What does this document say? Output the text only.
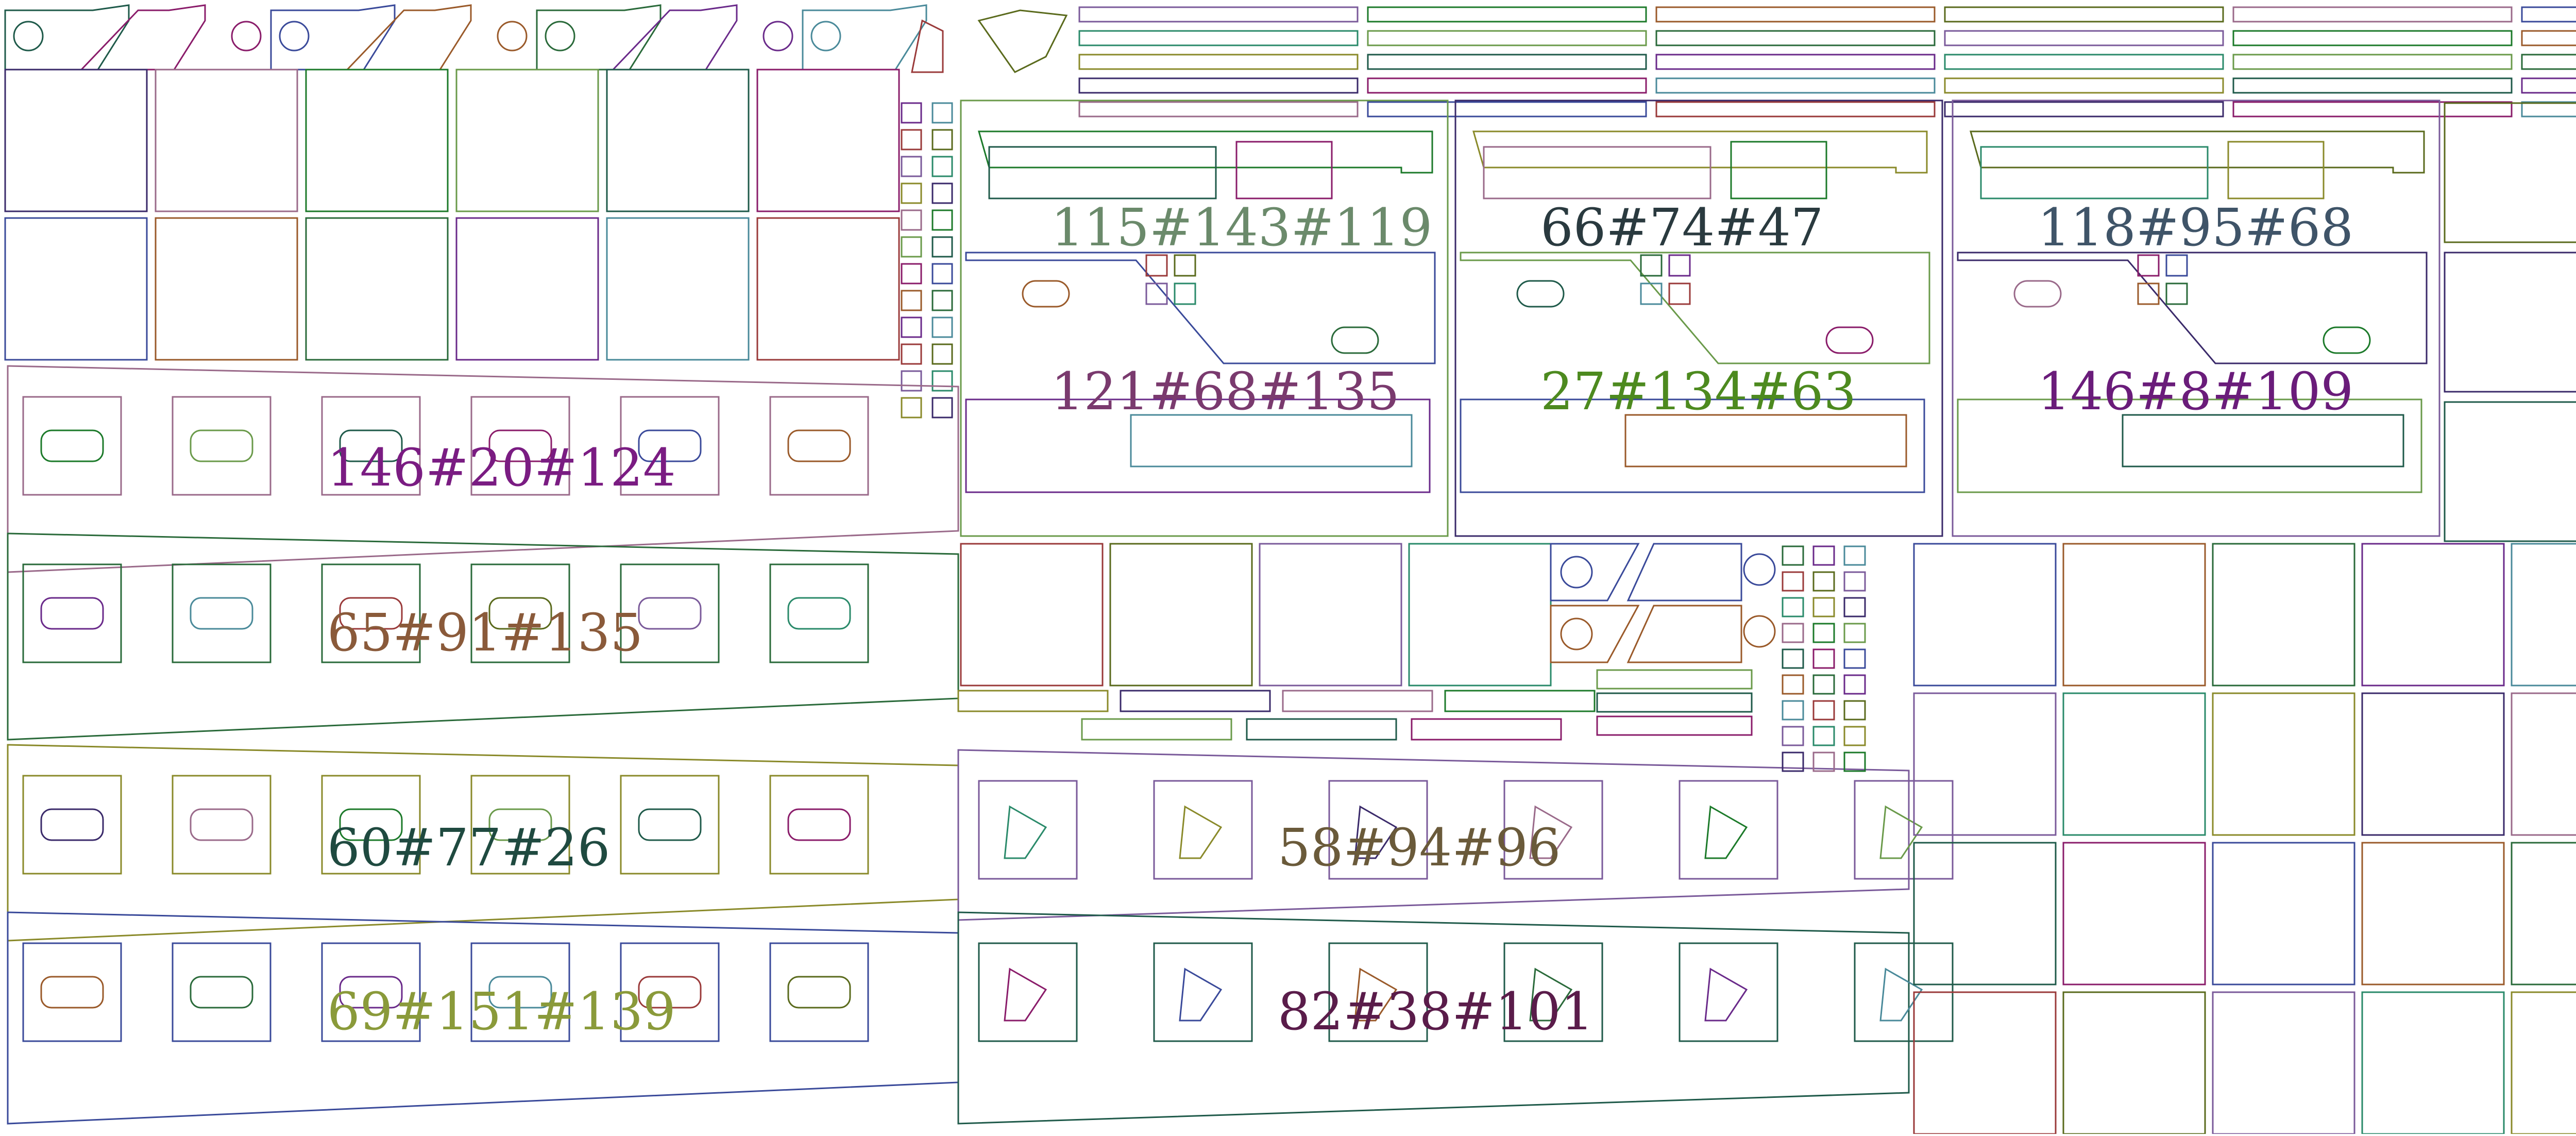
115#143#119 66#74#47	118#95#68
121#68#135	27#134#63	146#8#109
146#20#124
65#91#135
60#77#26	58#94#96
69#151#139	82#38#101
